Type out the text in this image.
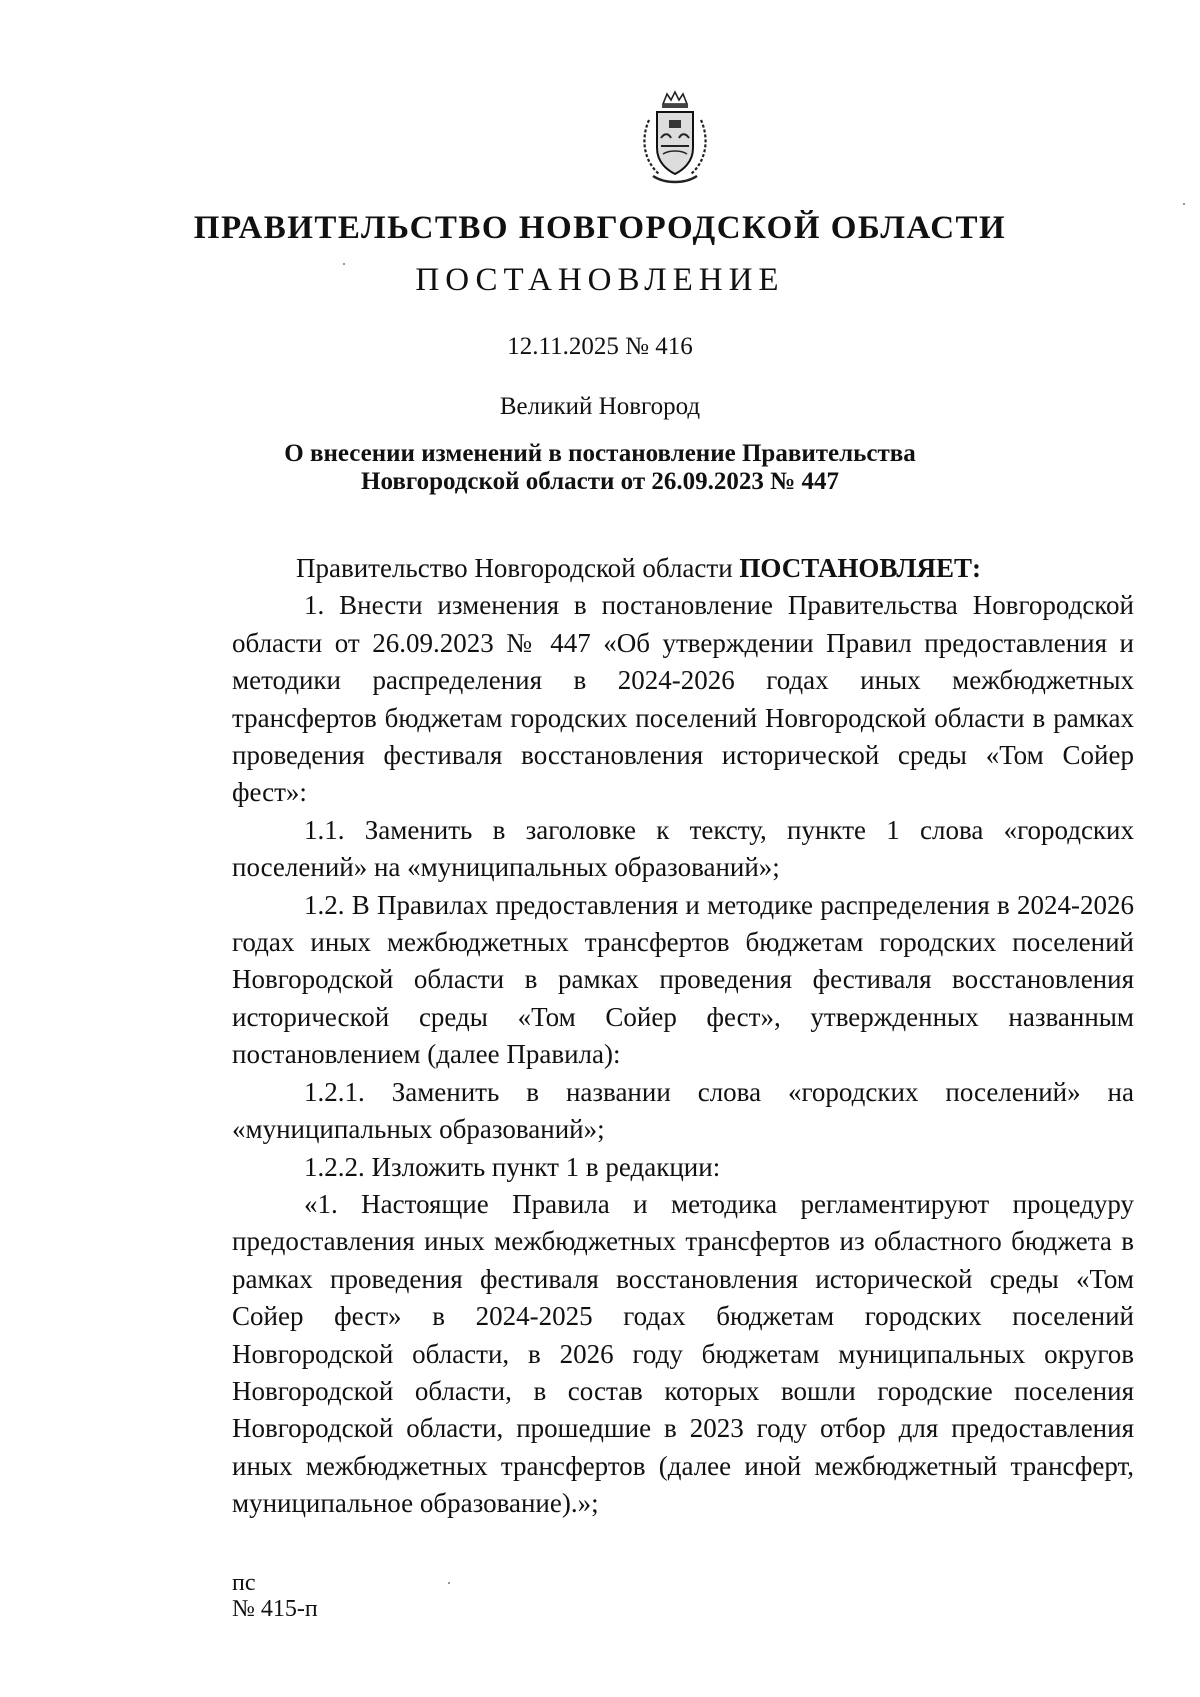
ПРАВИТЕЛЬСТВО НОВГОРОДСКОЙ ОБЛАСТИ
ПОСТАНОВЛЕНИЕ
12.11.2025 № 416
Великий Новгород
О внесении изменений в постановление Правительства
Новгородской области от 26.09.2023 № 447

Правительство Новгородской области ПОСТАНОВЛЯЕТ:

1. Внести изменения в постановление Правительства Новгородской области от 26.09.2023 № 447 «Об утверждении Правил предоставления и методики распределения в 2024-2026 годах иных межбюджетных трансфертов бюджетам городских поселений Новгородской области в рамках проведения фестиваля восстановления исторической среды «Том Сойер фест»:

1.1. Заменить в заголовке к тексту, пункте 1 слова «городских поселений» на «муниципальных образований»;

1.2. В Правилах предоставления и методике распределения в 2024-2026 годах иных межбюджетных трансфертов бюджетам городских поселений Новгородской области в рамках проведения фестиваля восстановления исторической среды «Том Сойер фест», утвержденных названным постановлением (далее Правила):

1.2.1. Заменить в названии слова «городских поселений» на «муниципальных образований»;

1.2.2. Изложить пункт 1 в редакции:

«1. Настоящие Правила и методика регламентируют процедуру предоставления иных межбюджетных трансфертов из областного бюджета в рамках проведения фестиваля восстановления исторической среды «Том Сойер фест» в 2024-2025 годах бюджетам городских поселений Новгородской области, в 2026 году бюджетам муниципальных округов Новгородской области, в состав которых вошли городские поселения Новгородской области, прошедшие в 2023 году отбор для предоставления иных межбюджетных трансфертов (далее иной межбюджетный трансферт, муниципальное образование).»;

пс
№ 415-п
